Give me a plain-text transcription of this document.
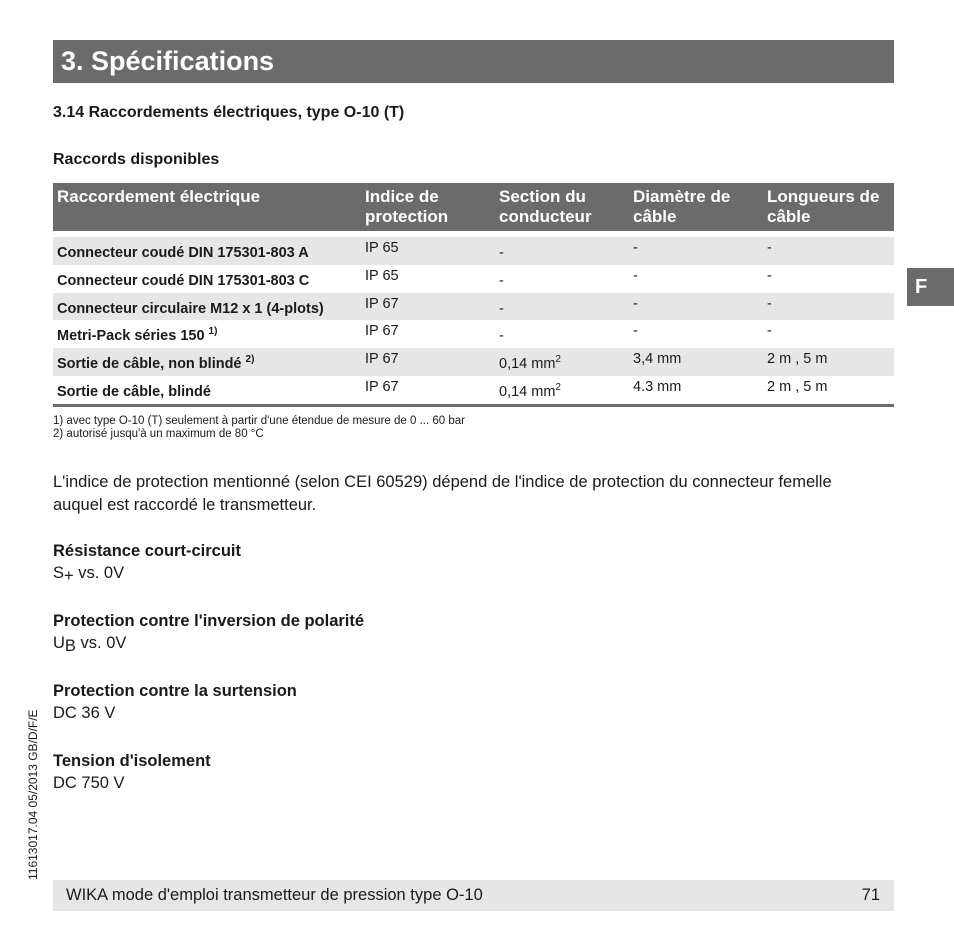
3. Spécifications
3.14 Raccordements électriques, type O-10 (T)
Raccords disponibles
Raccordement électrique	Indice de protection	Section du conducteur	Diamètre de câble	Longueurs de câble

Connecteur coudé DIN 175301-803 A	IP 65	-	-	-
Connecteur coudé DIN 175301-803 C	IP 65	-	-	-
Connecteur circulaire M12 x 1 (4-plots)	IP 67	-	-	-
Metri-Pack séries 150 $^{1)}$	IP 67	-	-	-
Sortie de câble, non blindé $^{2)}$	IP 67	0,14 $mm^2$	3,4 mm	2 m , 5 m
Sortie de câble, blindé	IP 67	0,14 $mm^2$	4.3 mm	2 m , 5 m
1) avec type O-10 (T) seulement à partir d'une étendue de mesure de 0 ... 60 bar
2) autorisé jusqu'à un maximum de 80 °C
L'indice de protection mentionné (selon CEI 60529) dépend de l'indice de protection du connecteur femelle auquel est raccordé le transmetteur.
Résistance court-circuit
$S_+$ vs. 0V
Protection contre l'inversion de polarité
$U_B$ vs. 0V
Protection contre la surtension
DC 36 V
Tension d'isolement
DC 750 V
F
11613017.04 05/2013 GB/D/F/E
WIKA mode d'emploi transmetteur de pression type O-10	71
